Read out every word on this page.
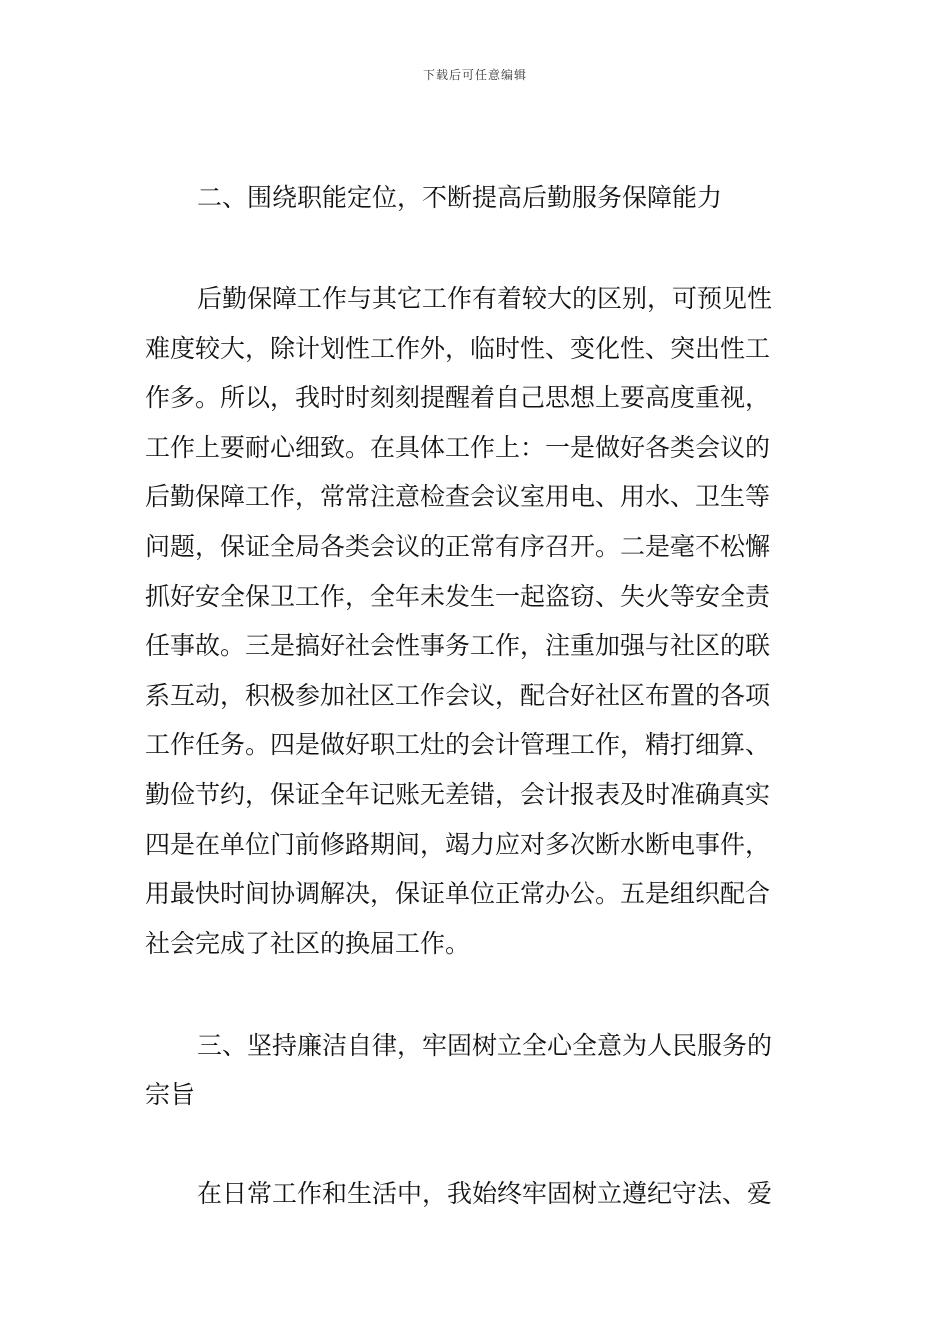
下载后可任意编辑
二、围绕职能定位，不断提高后勤服务保障能力
后勤保障工作与其它工作有着较大的区别，可预见性
难度较大，除计划性工作外，临时性、变化性、突出性工
作多。所以，我时时刻刻提醒着自己思想上要高度重视，
工作上要耐心细致。在具体工作上：一是做好各类会议的
后勤保障工作，常常注意检查会议室用电、用水、卫生等
问题，保证全局各类会议的正常有序召开。二是毫不松懈
抓好安全保卫工作，全年未发生一起盗窃、失火等安全责
任事故。三是搞好社会性事务工作，注重加强与社区的联
系互动，积极参加社区工作会议，配合好社区布置的各项
工作任务。四是做好职工灶的会计管理工作，精打细算、
勤俭节约，保证全年记账无差错，会计报表及时准确真实
四是在单位门前修路期间，竭力应对多次断水断电事件，
用最快时间协调解决，保证单位正常办公。五是组织配合
社会完成了社区的换届工作。
三、坚持廉洁自律，牢固树立全心全意为人民服务的
宗旨
在日常工作和生活中，我始终牢固树立遵纪守法、爱
